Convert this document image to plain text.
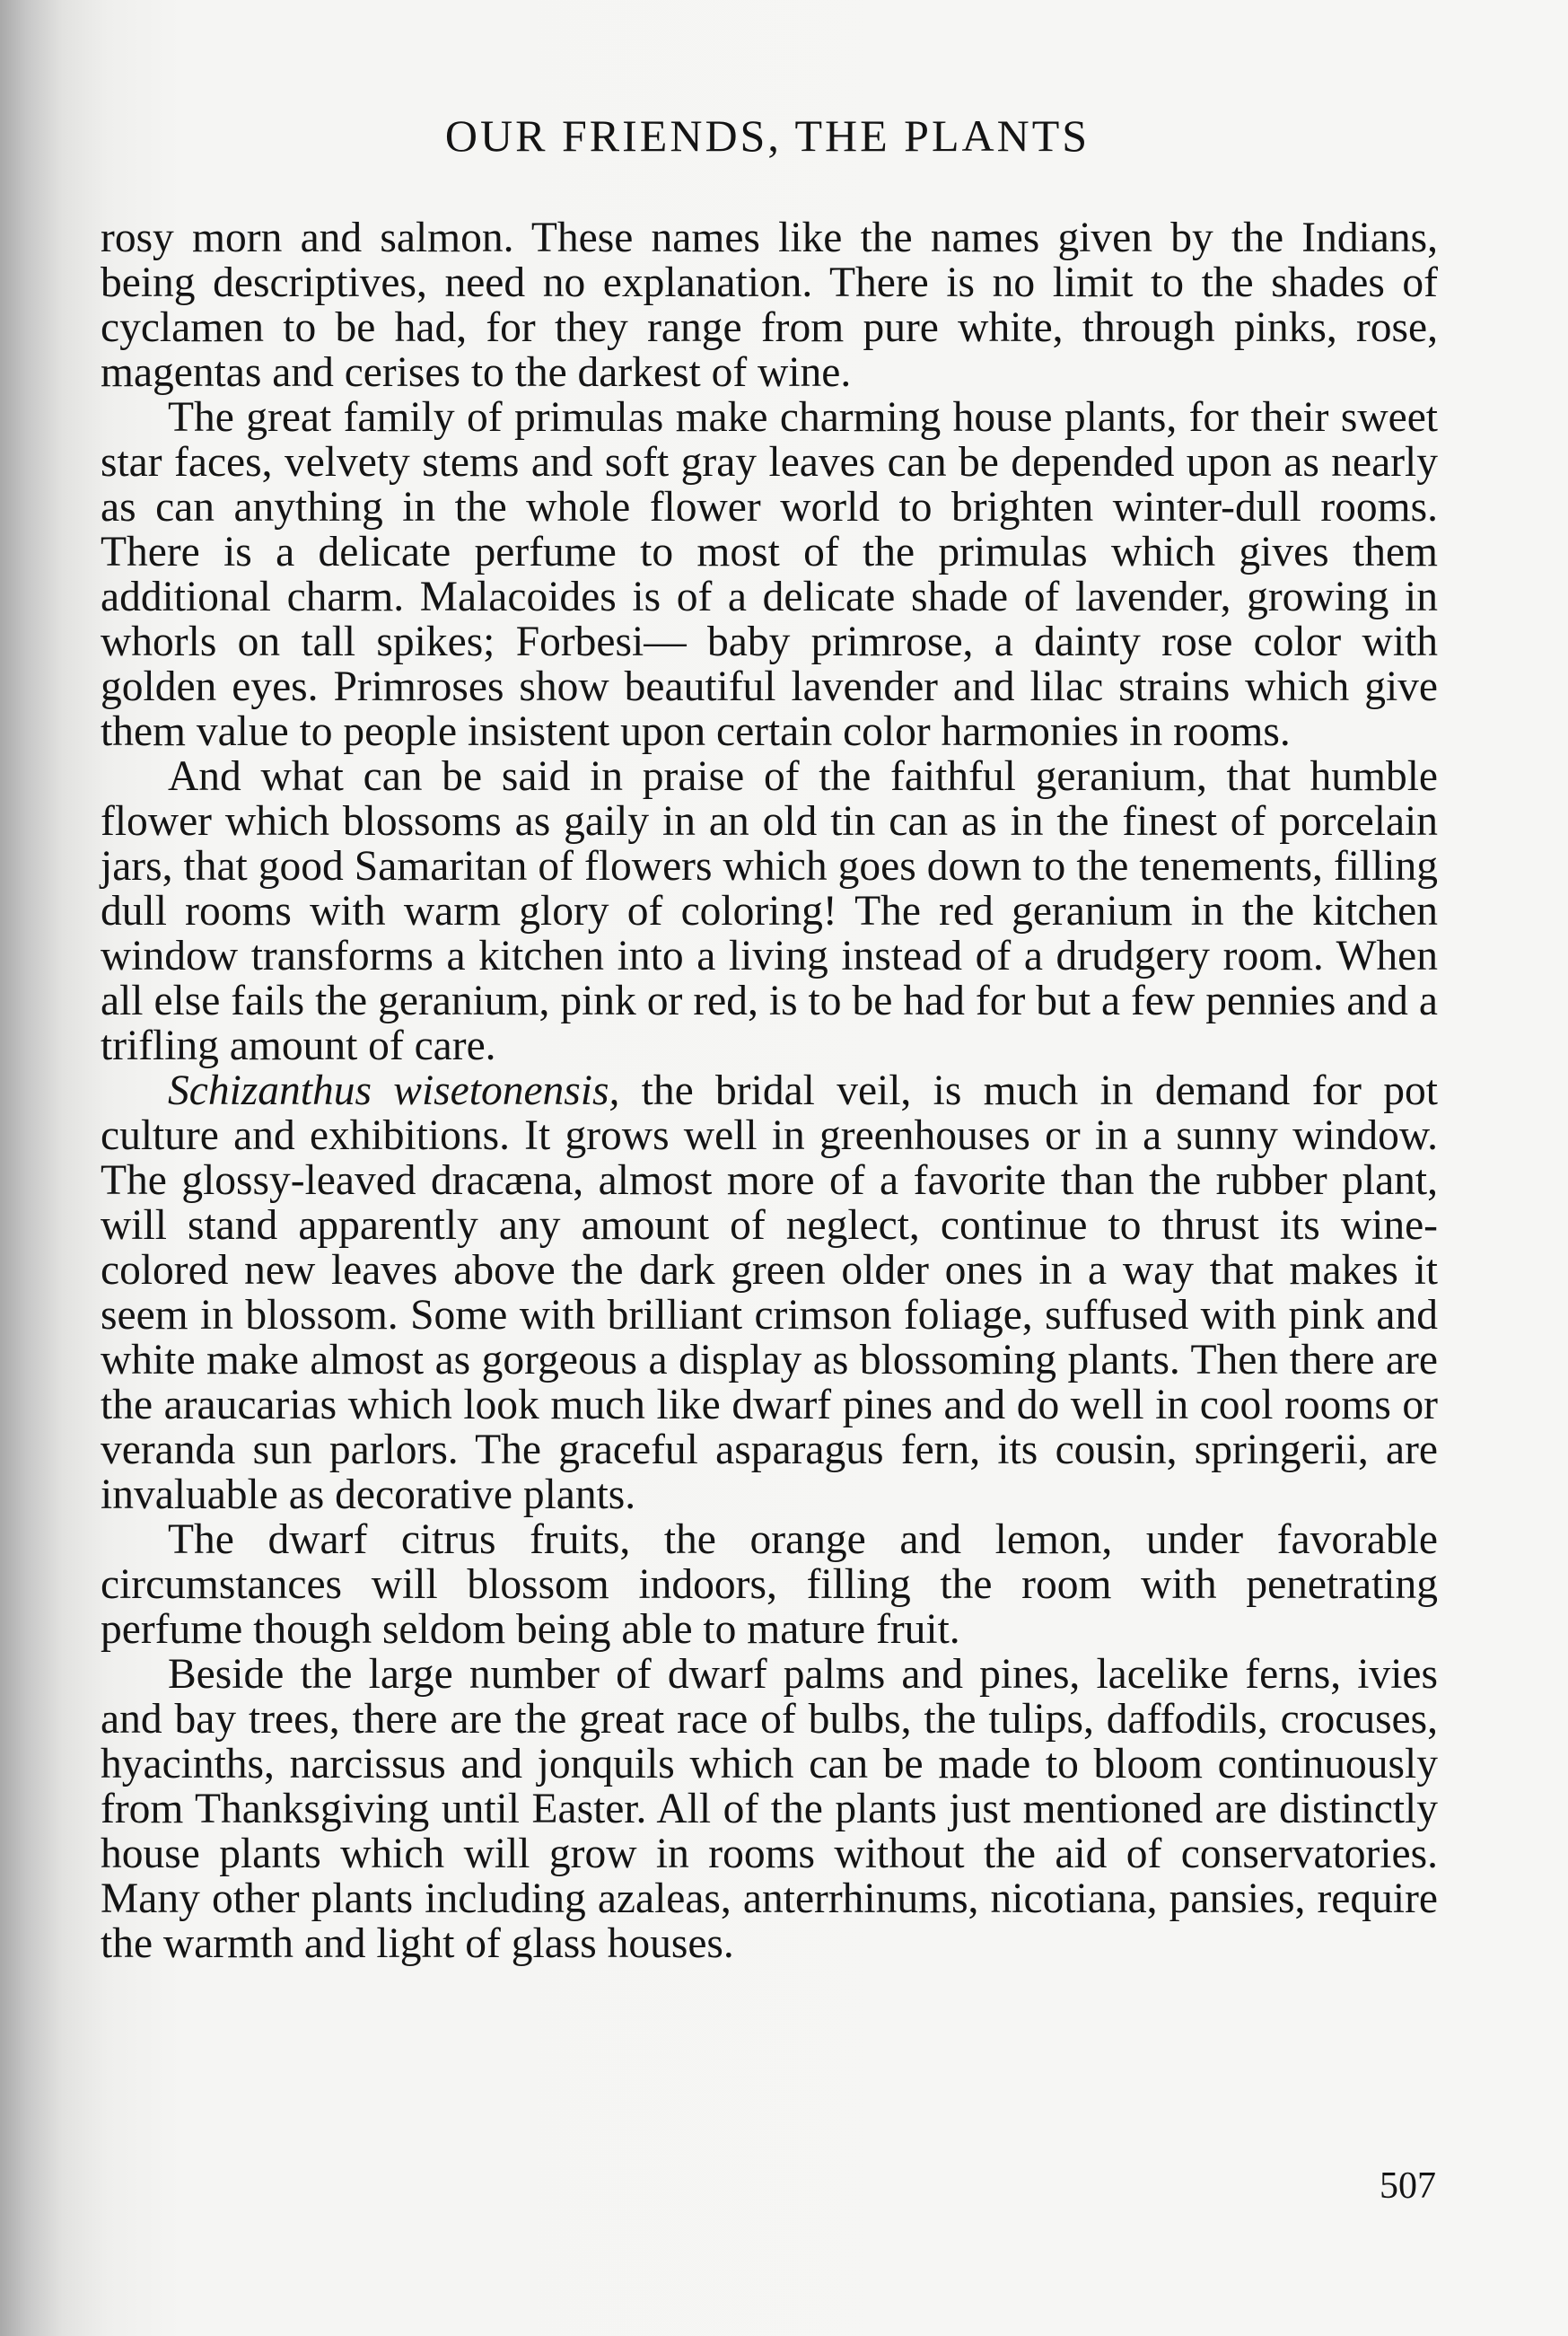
OUR FRIENDS, THE PLANTS

rosy morn and salmon. These names like the names given by the Indians, being descriptives, need no explanation. There is no limit to the shades of cyclamen to be had, for they range from pure white, through pinks, rose, magentas and cerises to the darkest of wine.

The great family of primulas make charming house plants, for their sweet star faces, velvety stems and soft gray leaves can be depended upon as nearly as can anything in the whole flower world to brighten winter-dull rooms. There is a delicate perfume to most of the primulas which gives them additional charm. Malacoides is of a delicate shade of lavender, growing in whorls on tall spikes; Forbesi— baby primrose, a dainty rose color with golden eyes. Primroses show beautiful lavender and lilac strains which give them value to people insistent upon certain color harmonies in rooms.

And what can be said in praise of the faithful geranium, that humble flower which blossoms as gaily in an old tin can as in the finest of porcelain jars, that good Samaritan of flowers which goes down to the tenements, filling dull rooms with warm glory of coloring! The red geranium in the kitchen window transforms a kitchen into a living instead of a drudgery room. When all else fails the geranium, pink or red, is to be had for but a few pennies and a trifling amount of care.

Schizanthus wisetonensis, the bridal veil, is much in demand for pot culture and exhibitions. It grows well in greenhouses or in a sunny window. The glossy-leaved dracæna, almost more of a favorite than the rubber plant, will stand apparently any amount of neglect, continue to thrust its wine-colored new leaves above the dark green older ones in a way that makes it seem in blossom. Some with brilliant crimson foliage, suffused with pink and white make almost as gorgeous a display as blossoming plants. Then there are the araucarias which look much like dwarf pines and do well in cool rooms or veranda sun parlors. The graceful asparagus fern, its cousin, springerii, are invaluable as decorative plants.

The dwarf citrus fruits, the orange and lemon, under favorable circumstances will blossom indoors, filling the room with penetrating perfume though seldom being able to mature fruit.

Beside the large number of dwarf palms and pines, lacelike ferns, ivies and bay trees, there are the great race of bulbs, the tulips, daffodils, crocuses, hyacinths, narcissus and jonquils which can be made to bloom continuously from Thanksgiving until Easter. All of the plants just mentioned are distinctly house plants which will grow in rooms without the aid of conservatories. Many other plants including azaleas, anterrhinums, nicotiana, pansies, require the warmth and light of glass houses.

507
